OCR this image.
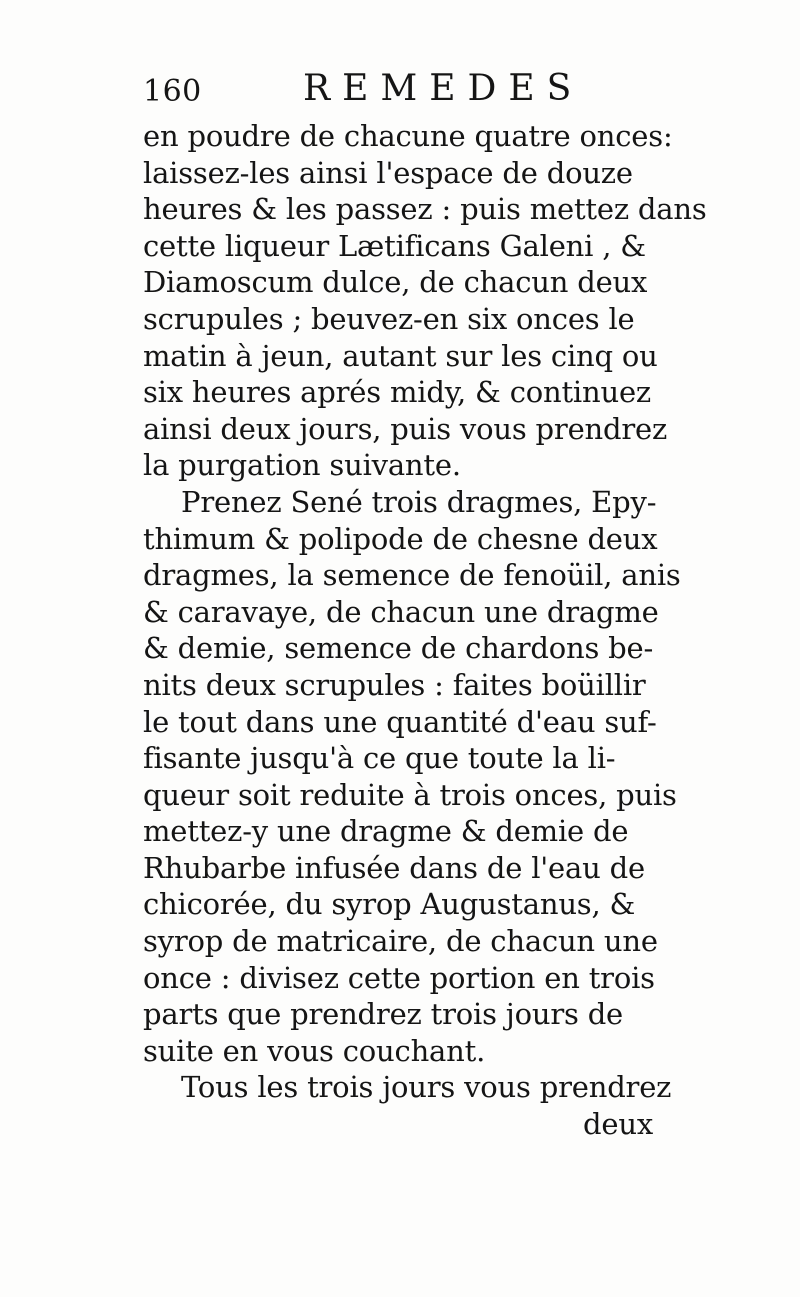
160	REMEDES
en poudre de chacune quatre onces:
laissez-les ainsi l'espace de douze
heures & les passez : puis mettez dans
cette liqueur Lætificans Galeni , &
Diamoscum dulce, de chacun deux
scrupules ; beuvez-en six onces le
matin à jeun, autant sur les cinq ou
six heures aprés midy, & continuez
ainsi deux jours, puis vous prendrez
la purgation suivante.
Prenez Sené trois dragmes, Epy-
thimum & polipode de chesne deux
dragmes, la semence de fenoüil, anis
& caravaye, de chacun une dragme
& demie, semence de chardons be-
nits deux scrupules : faites boüillir
le tout dans une quantité d'eau suf-
fisante jusqu'à ce que toute la li-
queur soit reduite à trois onces, puis
mettez-y une dragme & demie de
Rhubarbe infusée dans de l'eau de
chicorée, du syrop Augustanus, &
syrop de matricaire, de chacun une
once : divisez cette portion en trois
parts que prendrez trois jours de
suite en vous couchant.
Tous les trois jours vous prendrez
deux
